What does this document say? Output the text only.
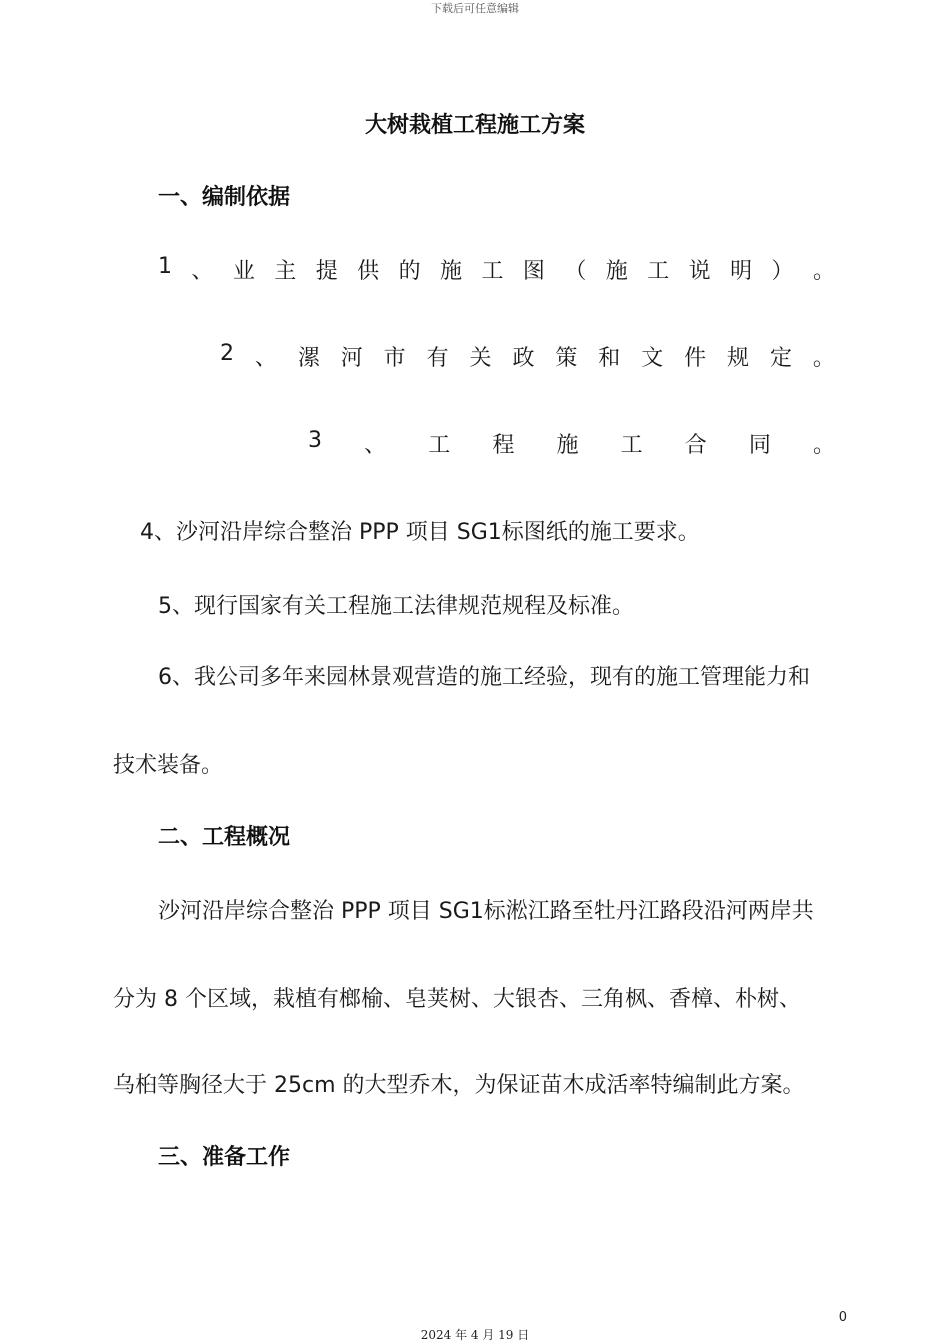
下载后可任意编辑
大树栽植工程施工方案
一、编制依据
1 、 业 主 提 供 的 施 工 图 （ 施 工 说 明 ） 。
2 、 漯 河 市 有 关 政 策 和 文 件 规 定 。
3 、 工 程 施 工 合 同 。
4、沙河沿岸综合整治 PPP 项目 SG1标图纸的施工要求。
5、现行国家有关工程施工法律规范规程及标准。
6、我公司多年来园林景观营造的施工经验，现有的施工管理能力和
技术装备。
二、工程概况
沙河沿岸综合整治 PPP 项目 SG1标淞江路至牡丹江路段沿河两岸共
分为 8 个区域，栽植有榔榆、皂荚树、大银杏、三角枫、香樟、朴树、
乌桕等胸径大于 25cm 的大型乔木，为保证苗木成活率特编制此方案。
三、准备工作
0
2024 年 4 月 19 日
